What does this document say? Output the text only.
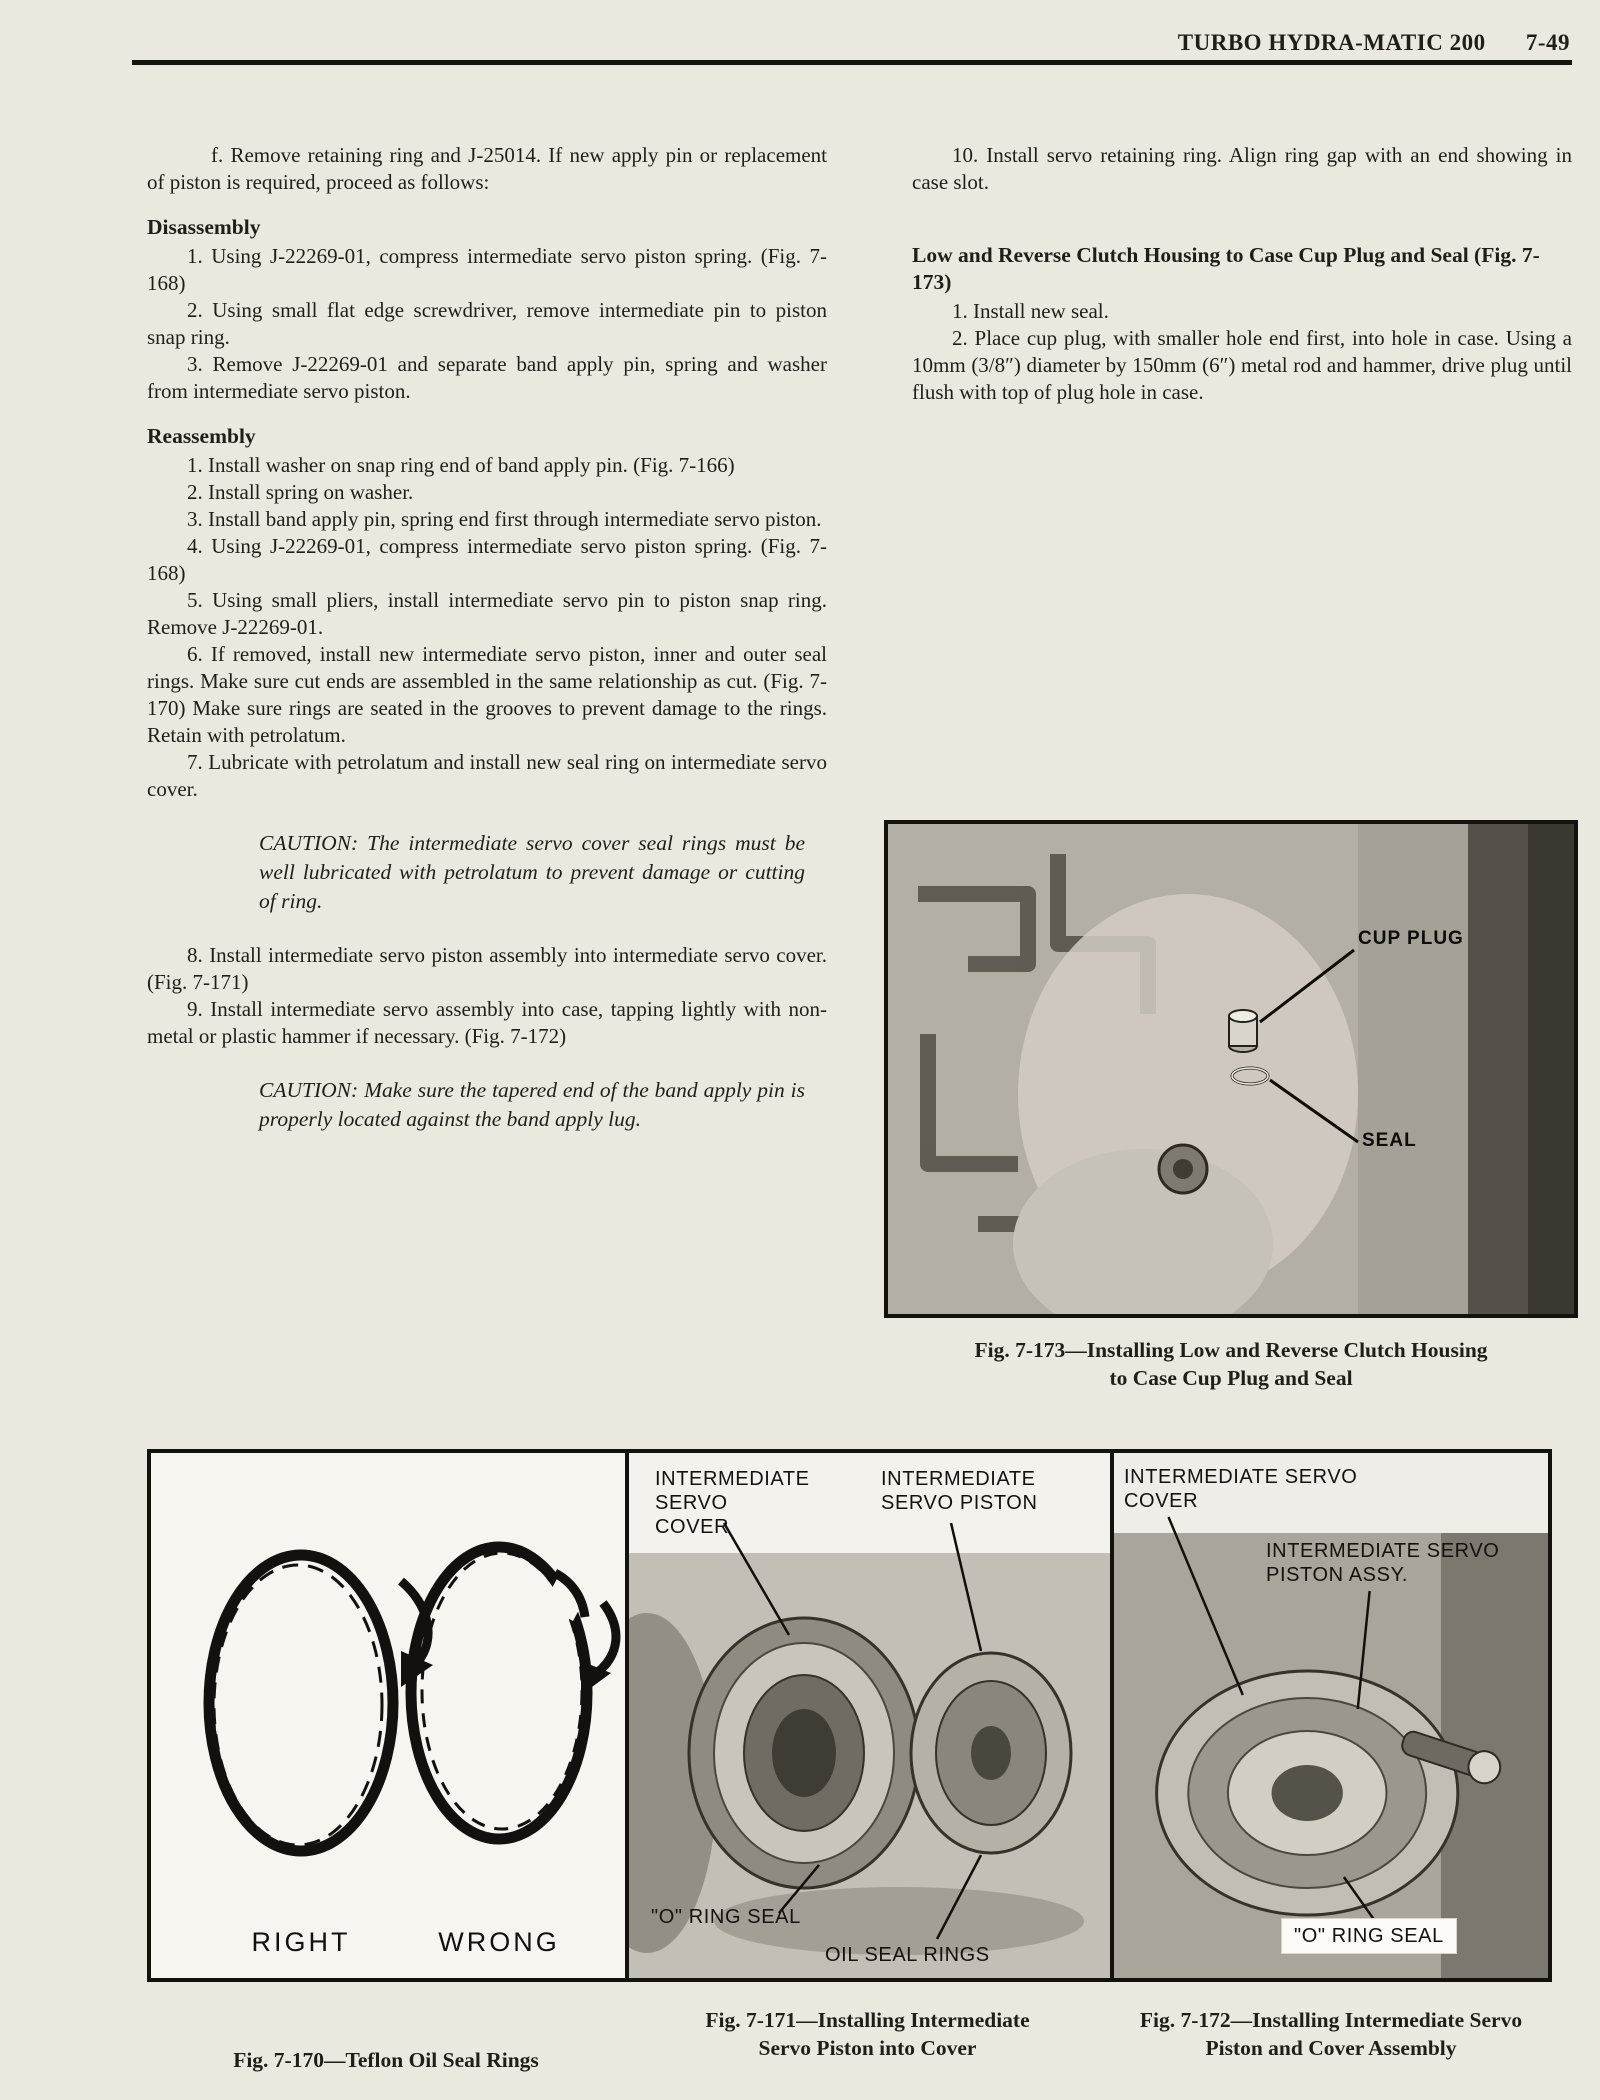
TURBO HYDRA-MATIC 200 7-49

f. Remove retaining ring and J-25014. If new apply pin or replacement of piston is required, proceed as follows:

Disassembly

1. Using J-22269-01, compress intermediate servo piston spring. (Fig. 7-168)

2. Using small flat edge screwdriver, remove intermediate pin to piston snap ring.

3. Remove J-22269-01 and separate band apply pin, spring and washer from intermediate servo piston.

Reassembly

1. Install washer on snap ring end of band apply pin. (Fig. 7-166)

2. Install spring on washer.

3. Install band apply pin, spring end first through intermediate servo piston.

4. Using J-22269-01, compress intermediate servo piston spring. (Fig. 7-168)

5. Using small pliers, install intermediate servo pin to piston snap ring. Remove J-22269-01.

6. If removed, install new intermediate servo piston, inner and outer seal rings. Make sure cut ends are assembled in the same relationship as cut. (Fig. 7-170) Make sure rings are seated in the grooves to prevent damage to the rings. Retain with petrolatum.

7. Lubricate with petrolatum and install new seal ring on intermediate servo cover.

CAUTION: The intermediate servo cover seal rings must be well lubricated with petrolatum to prevent damage or cutting of ring.

8. Install intermediate servo piston assembly into intermediate servo cover. (Fig. 7-171)

9. Install intermediate servo assembly into case, tapping lightly with non-metal or plastic hammer if necessary. (Fig. 7-172)

CAUTION: Make sure the tapered end of the band apply pin is properly located against the band apply lug.

10. Install servo retaining ring. Align ring gap with an end showing in case slot.

Low and Reverse Clutch Housing to Case Cup Plug and Seal (Fig. 7-173)

1. Install new seal.

2. Place cup plug, with smaller hole end first, into hole in case. Using a 10mm (3/8″) diameter by 150mm (6″) metal rod and hammer, drive plug until flush with top of plug hole in case.

CUP PLUG
SEAL
Fig. 7-173—Installing Low and Reverse Clutch Housing to Case Cup Plug and Seal
RIGHT	WRONG
INTERMEDIATE SERVO COVER
INTERMEDIATE SERVO PISTON
"O" RING SEAL
OIL SEAL RINGS
INTERMEDIATE SERVO COVER
INTERMEDIATE SERVO PISTON ASSY.
"O" RING SEAL
Fig. 7-170—Teflon Oil Seal Rings
Fig. 7-171—Installing Intermediate Servo Piston into Cover
Fig. 7-172—Installing Intermediate Servo Piston and Cover Assembly
